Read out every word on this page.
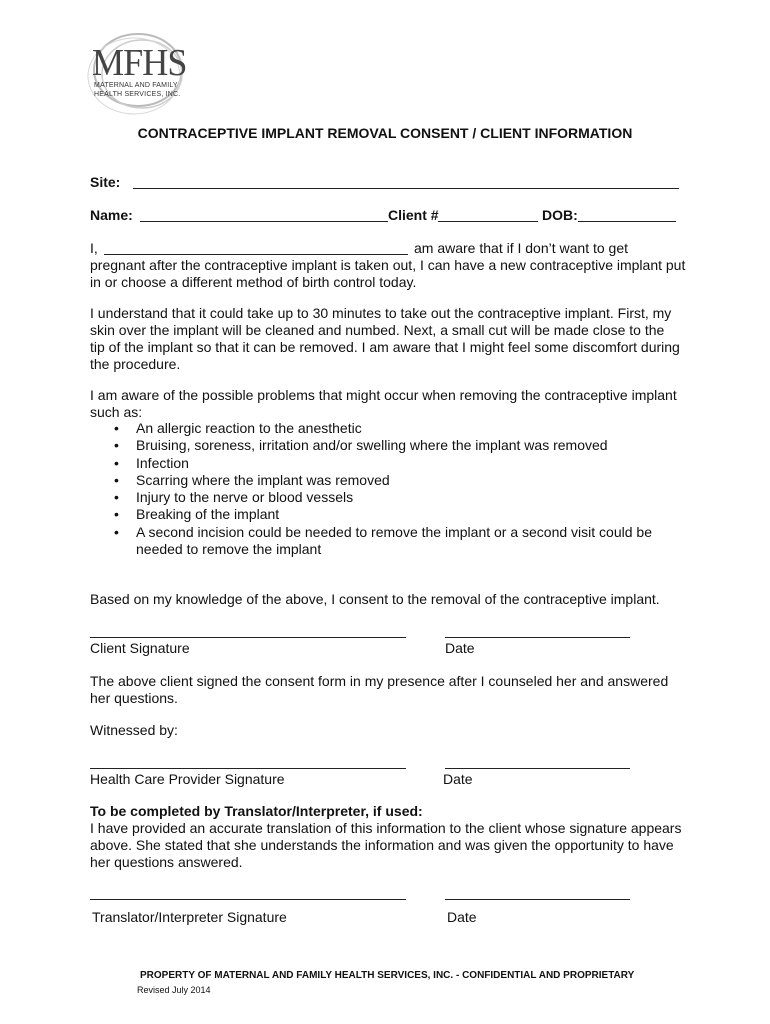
MFHS
MATERNAL AND FAMILY
HEALTH SERVICES, INC.
CONTRACEPTIVE IMPLANT REMOVAL CONSENT / CLIENT INFORMATION
Site:
Name:	Client #	DOB:
I,	am aware that if I don’t want to get
pregnant after the contraceptive implant is taken out, I can have a new contraceptive implant put
in or choose a different method of birth control today.
I understand that it could take up to 30 minutes to take out the contraceptive implant. First, my skin over the implant will be cleaned and numbed. Next, a small cut will be made close to the tip of the implant so that it can be removed. I am aware that I might feel some discomfort during the procedure.
I am aware of the possible problems that might occur when removing the contraceptive implant such as:
• An allergic reaction to the anesthetic
• Bruising, soreness, irritation and/or swelling where the implant was removed
• Infection
• Scarring where the implant was removed
• Injury to the nerve or blood vessels
• Breaking of the implant
• A second incision could be needed to remove the implant or a second visit could be needed to remove the implant
Based on my knowledge of the above, I consent to the removal of the contraceptive implant.
Client Signature	Date
The above client signed the consent form in my presence after I counseled her and answered her questions.
Witnessed by:
Health Care Provider Signature	Date
To be completed by Translator/Interpreter, if used:
I have provided an accurate translation of this information to the client whose signature appears above. She stated that she understands the information and was given the opportunity to have her questions answered.
Translator/Interpreter Signature	Date
PROPERTY OF MATERNAL AND FAMILY HEALTH SERVICES, INC. - CONFIDENTIAL AND PROPRIETARY
Revised July 2014
